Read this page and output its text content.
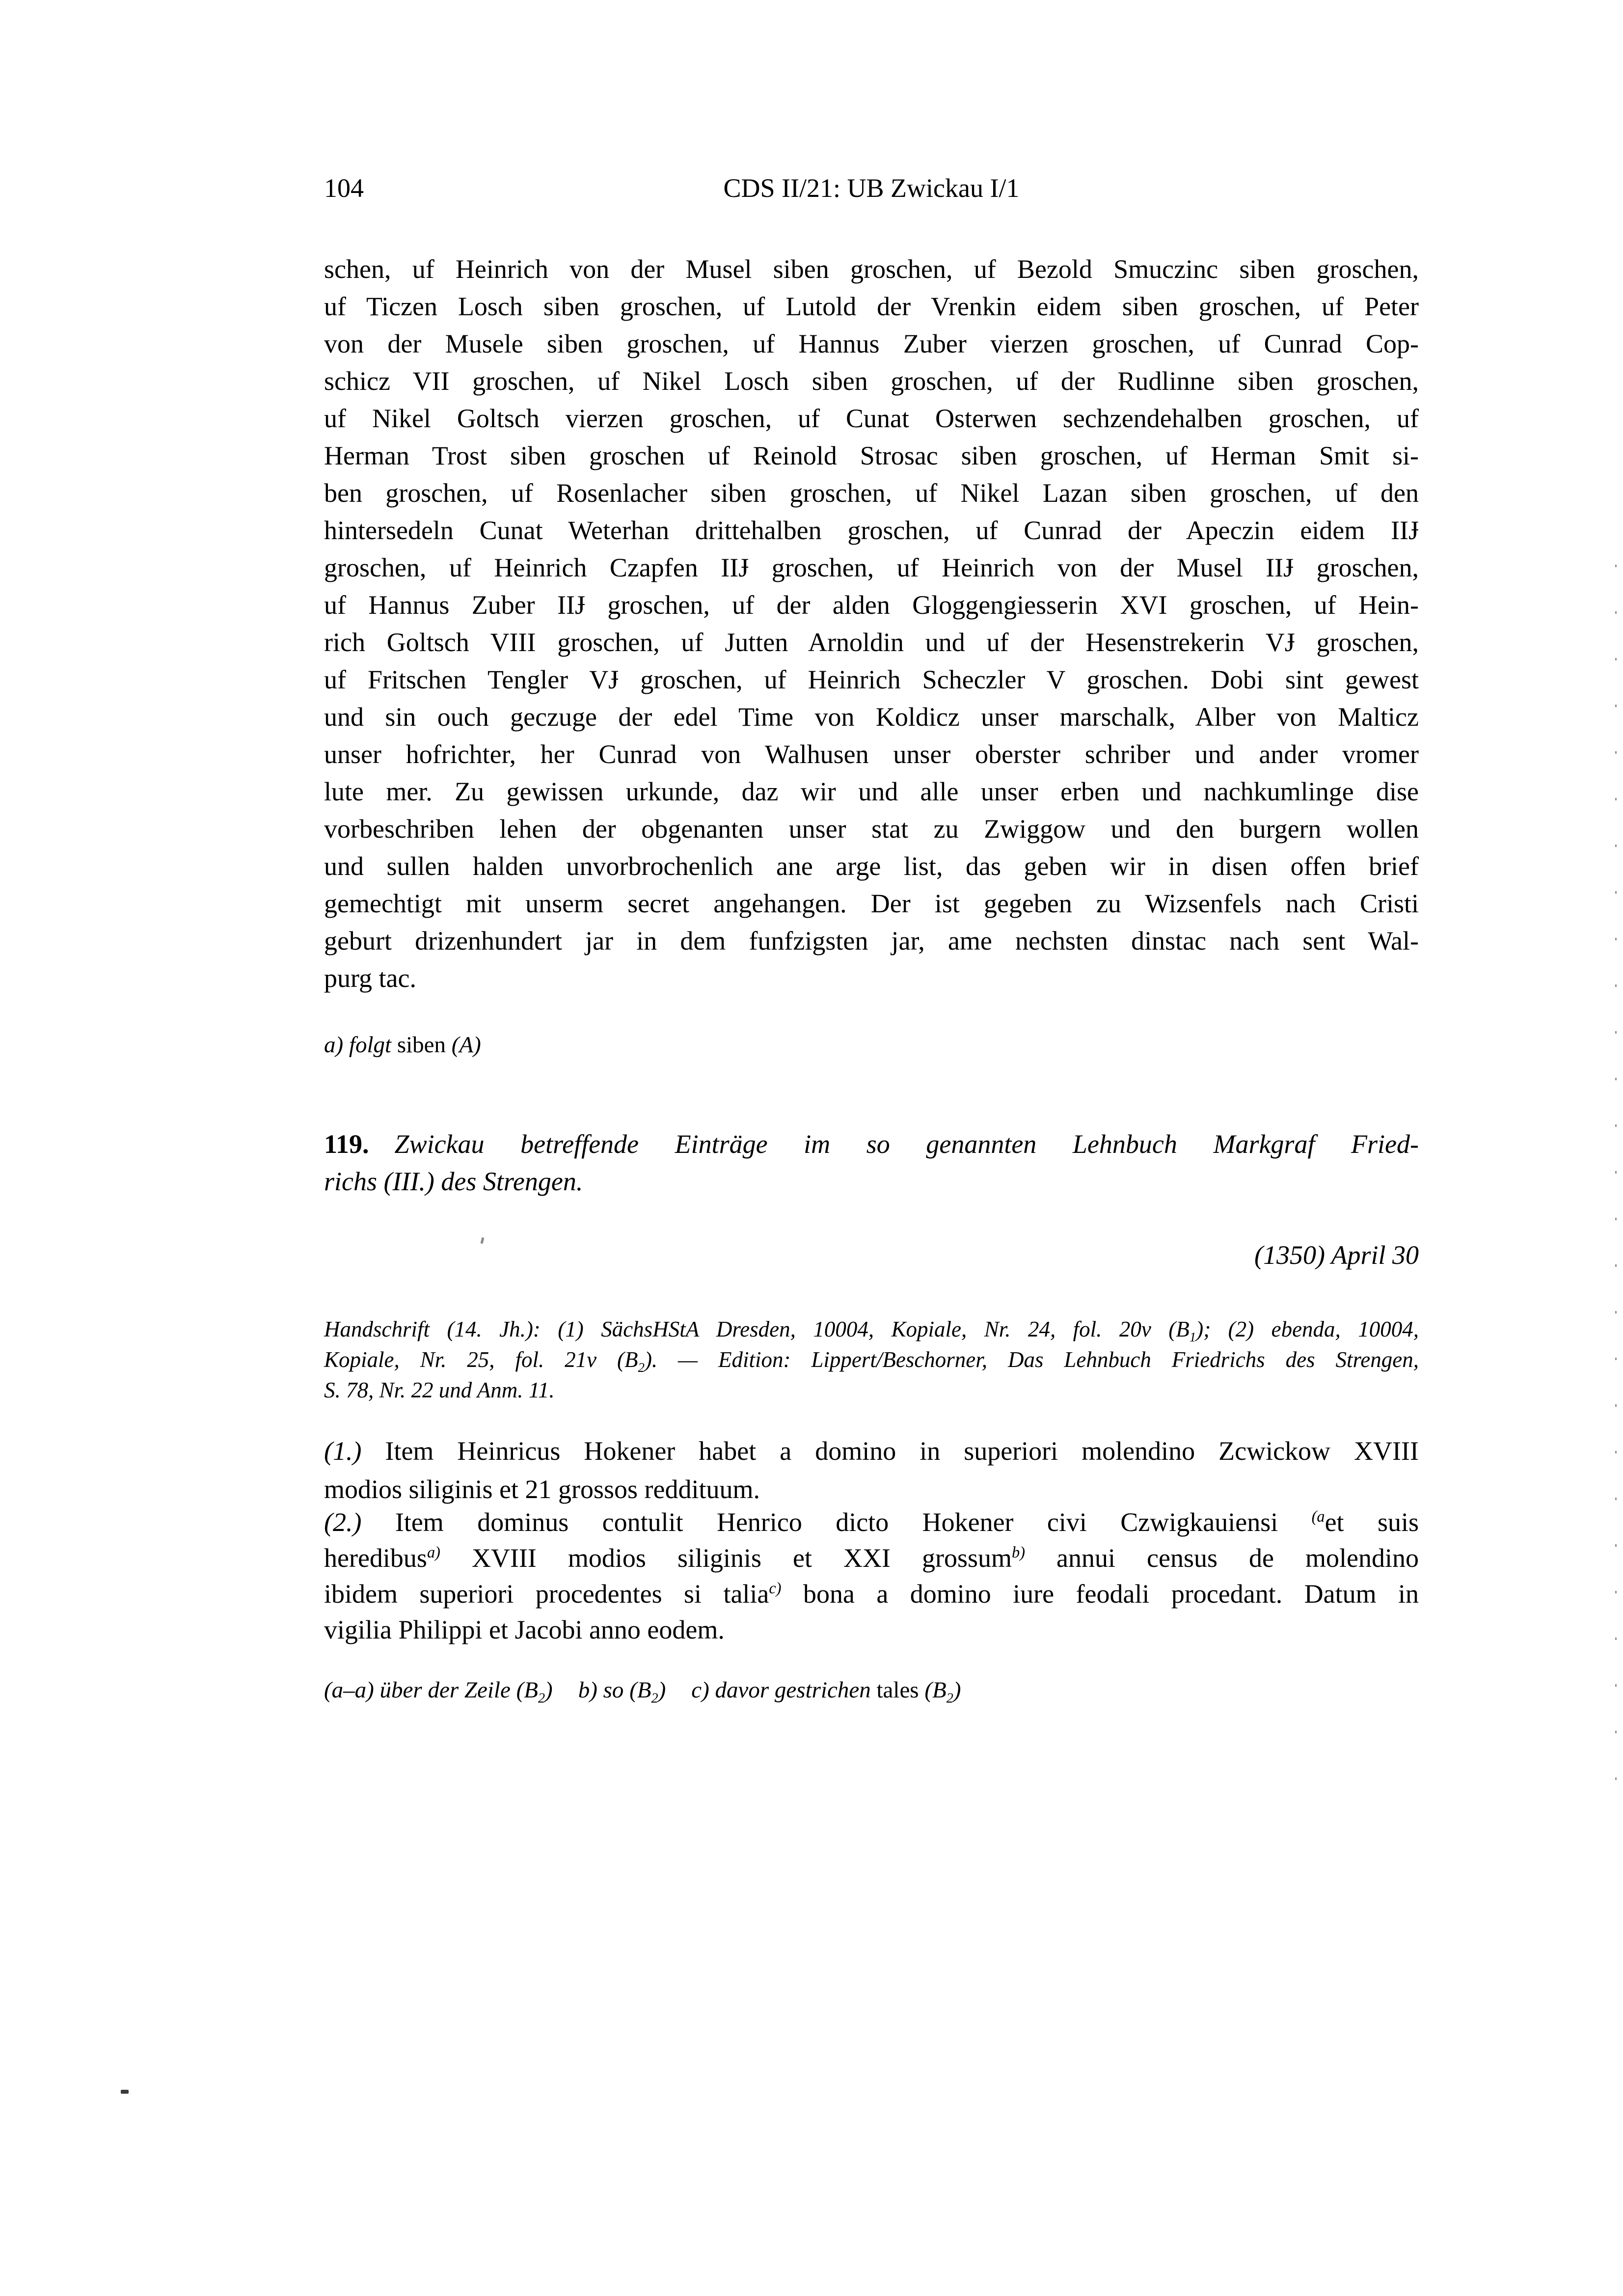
104	CDS II/21: UB Zwickau I/1
schen, uf Heinrich von der Musel siben groschen, uf Bezold Smuczinc siben groschen,
uf Ticzen Losch siben groschen, uf Lutold der Vrenkin eidem siben groschen, uf Peter
von der Musele siben groschen, uf Hannus Zuber vierzen groschen, uf Cunrad Cop-
schicz VII groschen, uf Nikel Losch siben groschen, uf der Rudlinne siben groschen,
uf Nikel Goltsch vierzen groschen, uf Cunat Osterwen sechzendehalben groschen, uf
Herman Trost siben groschen uf Reinold Strosac siben groschen, uf Herman Smit si-
ben groschen, uf Rosenlacher siben groschen, uf Nikel Lazan siben groschen, uf den
hintersedeln Cunat Weterhan drittehalben groschen, uf Cunrad der Apeczin eidem IIɈ
groschen, uf Heinrich Czapfen IIɈ groschen, uf Heinrich von der Musel IIɈ groschen,
uf Hannus Zuber IIɈ groschen, uf der alden Gloggengiesserin XVI groschen, uf Hein-
rich Goltsch VIII groschen, uf Jutten Arnoldin und uf der Hesenstrekerin VɈ groschen,
uf Fritschen Tengler VɈ groschen, uf Heinrich Scheczler V groschen. Dobi sint gewest
und sin ouch geczuge der edel Time von Koldicz unser marschalk, Alber von Malticz
unser hofrichter, her Cunrad von Walhusen unser oberster schriber und ander vromer
lute mer. Zu gewissen urkunde, daz wir und alle unser erben und nachkumlinge dise
vorbeschriben lehen der obgenanten unser stat zu Zwiggow und den burgern wollen
und sullen halden unvorbrochenlich ane arge list, das geben wir in disen offen brief
gemechtigt mit unserm secret angehangen. Der ist gegeben zu Wizsenfels nach Cristi
geburt drizenhundert jar in dem funfzigsten jar, ame nechsten dinstac nach sent Wal-
purg tac.
a) folgt siben (A)
119. Zwickau betreffende Einträge im so genannten Lehnbuch Markgraf Fried-
richs (III.) des Strengen.
(1350) April 30
Handschrift (14. Jh.): (1) SächsHStA Dresden, 10004, Kopiale, Nr. 24, fol. 20v $(B_1)$; (2) ebenda, 10004,
Kopiale, Nr. 25, fol. 21v $(B_2)$. — Edition: Lippert/Beschorner, Das Lehnbuch Friedrichs des Strengen,
S. 78, Nr. 22 und Anm. 11.
(1.) Item Heinricus Hokener habet a domino in superiori molendino Zcwickow XVIII
modios siliginis et 21 grossos reddituum.
(2.) Item dominus contulit Henrico dicto Hokener civi Czwigkauiensi $^{(a}$et suis
heredibus$^{a)}$ XVIII modios siliginis et XXI grossum$^{b)}$ annui census de molendino
ibidem superiori procedentes si talia$^{c)}$ bona a domino iure feodali procedant. Datum in
vigilia Philippi et Jacobi anno eodem.
(a–a) über der Zeile $(B_2)$ b) so $(B_2)$ c) davor gestrichen tales $(B_2)$
